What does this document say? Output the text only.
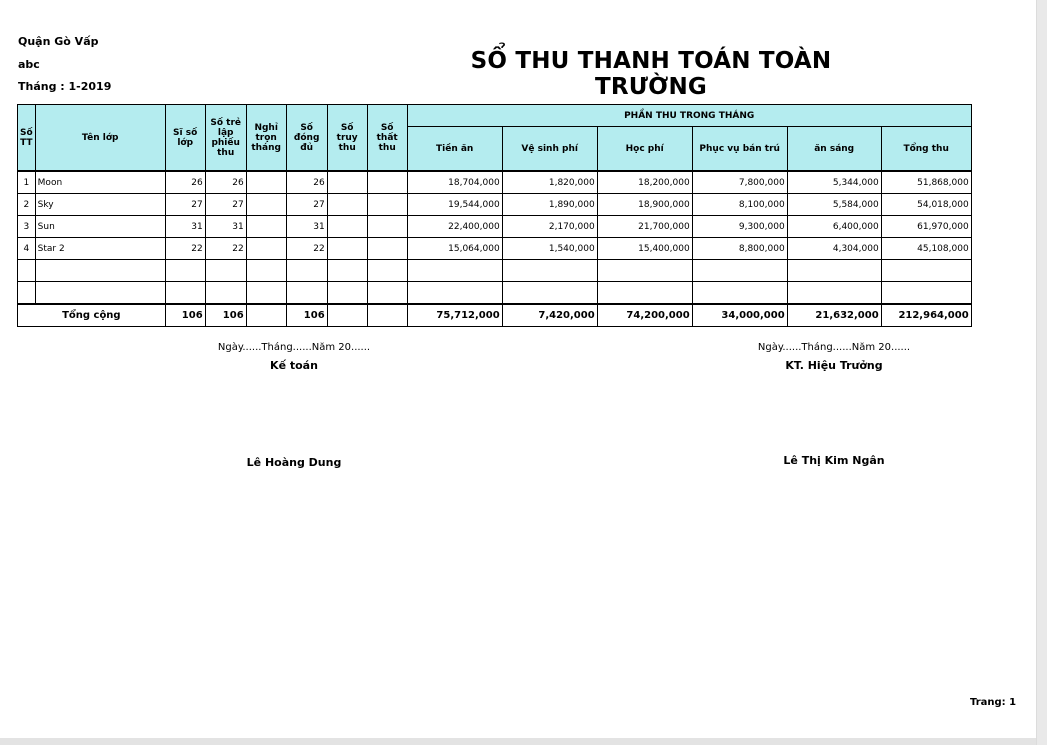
Quận Gò Vấp
abc
Tháng : 1-2019
SỔ THU THANH TOÁN TOÀN TRƯỜNG
Số TT	Tên lớp	Sĩ số lớp	Số trẻ lập phiếu thu	Nghỉ trọn tháng	Số đóng đủ	Số truy thu	Số thất thu	PHẦN THU TRONG THÁNG					
								Tiền ăn	Vệ sinh phí	Học phí	Phục vụ bán trú	ăn sáng	Tổng thu
1	Moon	26	26		26			18,704,000	1,820,000	18,200,000	7,800,000	5,344,000	51,868,000
2	Sky	27	27		27			19,544,000	1,890,000	18,900,000	8,100,000	5,584,000	54,018,000
3	Sun	31	31		31			22,400,000	2,170,000	21,700,000	9,300,000	6,400,000	61,970,000
4	Star 2	22	22		22			15,064,000	1,540,000	15,400,000	8,800,000	4,304,000	45,108,000

Tổng cộng		106	106		106			75,712,000	7,420,000	74,200,000	34,000,000	21,632,000	212,964,000
Ngày......Tháng......Năm 20......
Kế toán
Lê Hoàng Dung
Ngày......Tháng......Năm 20......
KT. Hiệu Trưởng
Lê Thị Kim Ngân
Trang: 1
